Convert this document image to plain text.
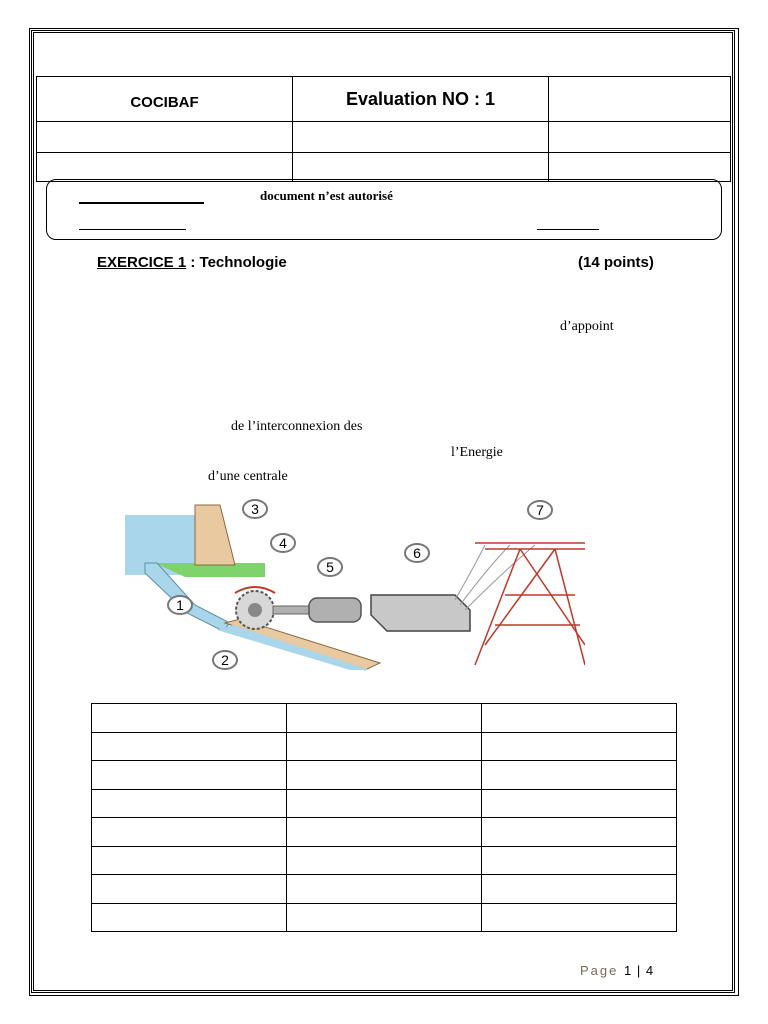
COCIBAF	Evaluation NO : 1	

document n’est autorisé
EXERCICE 1 : Technologie	(14 points)
d’appoint
de l’interconnexion des
l’Energie
d’une centrale
1
2
3
4
5
6
7

Page 1 | 4
